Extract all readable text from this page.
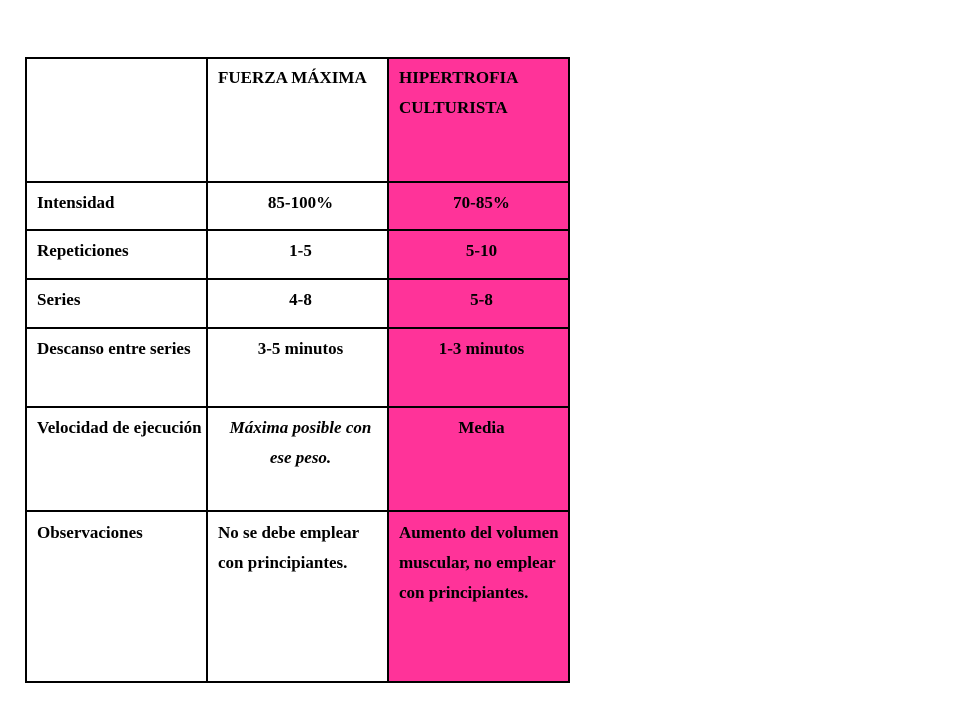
	FUERZA MÁXIMA	HIPERTROFIA CULTURISTA
Intensidad	85-100%	70-85%
Repeticiones	1-5	5-10
Series	4-8	5-8
Descanso entre series	3-5 minutos	1-3 minutos
Velocidad de ejecución	Máxima posible con ese peso.	Media
Observaciones	No se debe emplear con principiantes.	Aumento del volumen muscular, no emplear con principiantes.
